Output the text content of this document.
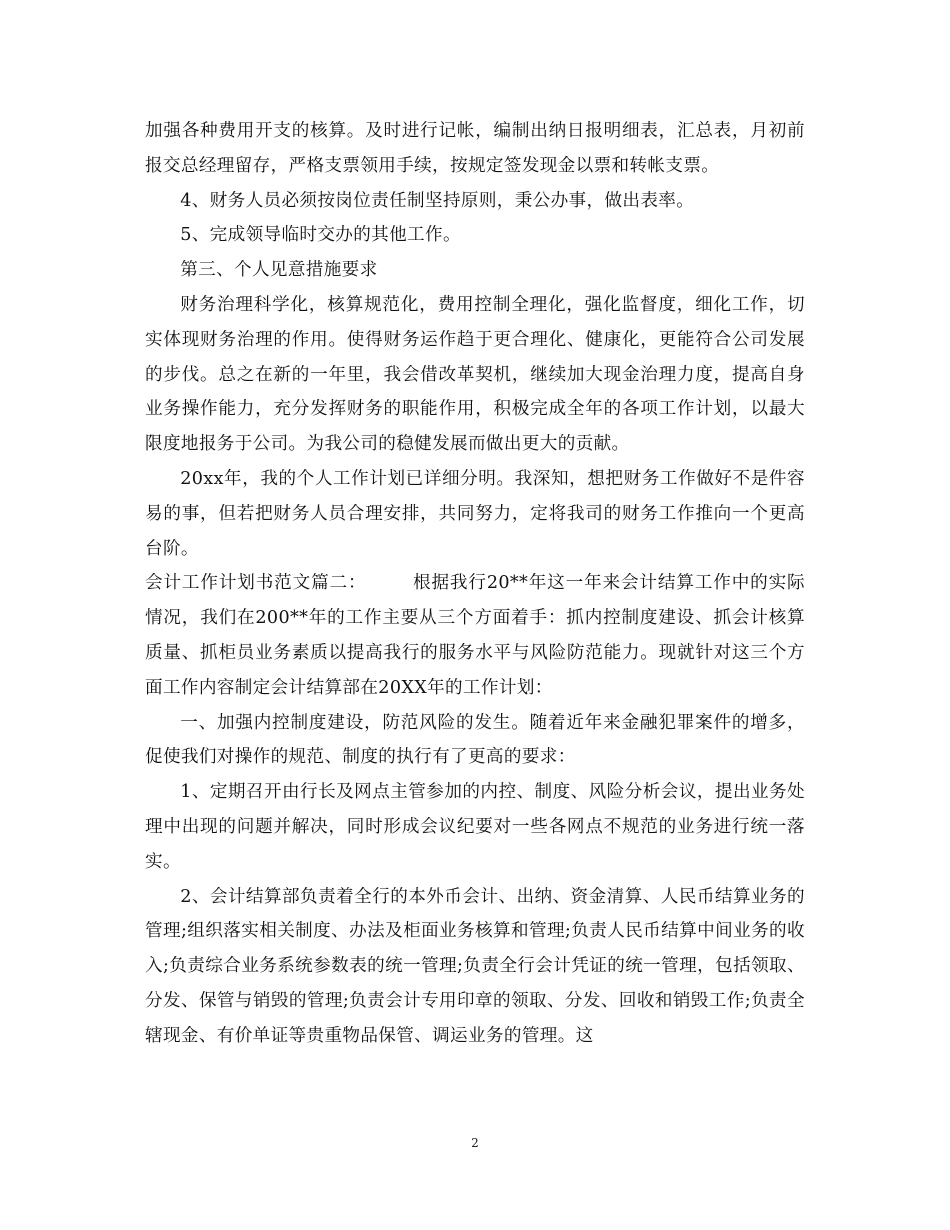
加强各种费用开支的核算。及时进行记帐，编制出纳日报明细表，汇总表，月初前报交总经理留存，严格支票领用手续，按规定签发现金以票和转帐支票。

4、财务人员必须按岗位责任制坚持原则，秉公办事，做出表率。

5、完成领导临时交办的其他工作。

第三、个人见意措施要求

财务治理科学化，核算规范化，费用控制全理化，强化监督度，细化工作，切实体现财务治理的作用。使得财务运作趋于更合理化、健康化，更能符合公司发展的步伐。总之在新的一年里，我会借改革契机，继续加大现金治理力度，提高自身业务操作能力，充分发挥财务的职能作用，积极完成全年的各项工作计划，以最大限度地报务于公司。为我公司的稳健发展而做出更大的贡献。

20xx年，我的个人工作计划已详细分明。我深知，想把财务工作做好不是件容易的事，但若把财务人员合理安排，共同努力，定将我司的财务工作推向一个更高台阶。

会计工作计划书范文篇二：　　　根据我行20**年这一年来会计结算工作中的实际情况，我们在200**年的工作主要从三个方面着手：抓内控制度建设、抓会计核算质量、抓柜员业务素质以提高我行的服务水平与风险防范能力。现就针对这三个方面工作内容制定会计结算部在20XX年的工作计划：

一、加强内控制度建设，防范风险的发生。随着近年来金融犯罪案件的增多，促使我们对操作的规范、制度的执行有了更高的要求：

1、定期召开由行长及网点主管参加的内控、制度、风险分析会议，提出业务处理中出现的问题并解决，同时形成会议纪要对一些各网点不规范的业务进行统一落实。

2、会计结算部负责着全行的本外币会计、出纳、资金清算、人民币结算业务的管理;组织落实相关制度、办法及柜面业务核算和管理;负责人民币结算中间业务的收入;负责综合业务系统参数表的统一管理;负责全行会计凭证的统一管理，包括领取、分发、保管与销毁的管理;负责会计专用印章的领取、分发、回收和销毁工作;负责全辖现金、有价单证等贵重物品保管、调运业务的管理。这

2
